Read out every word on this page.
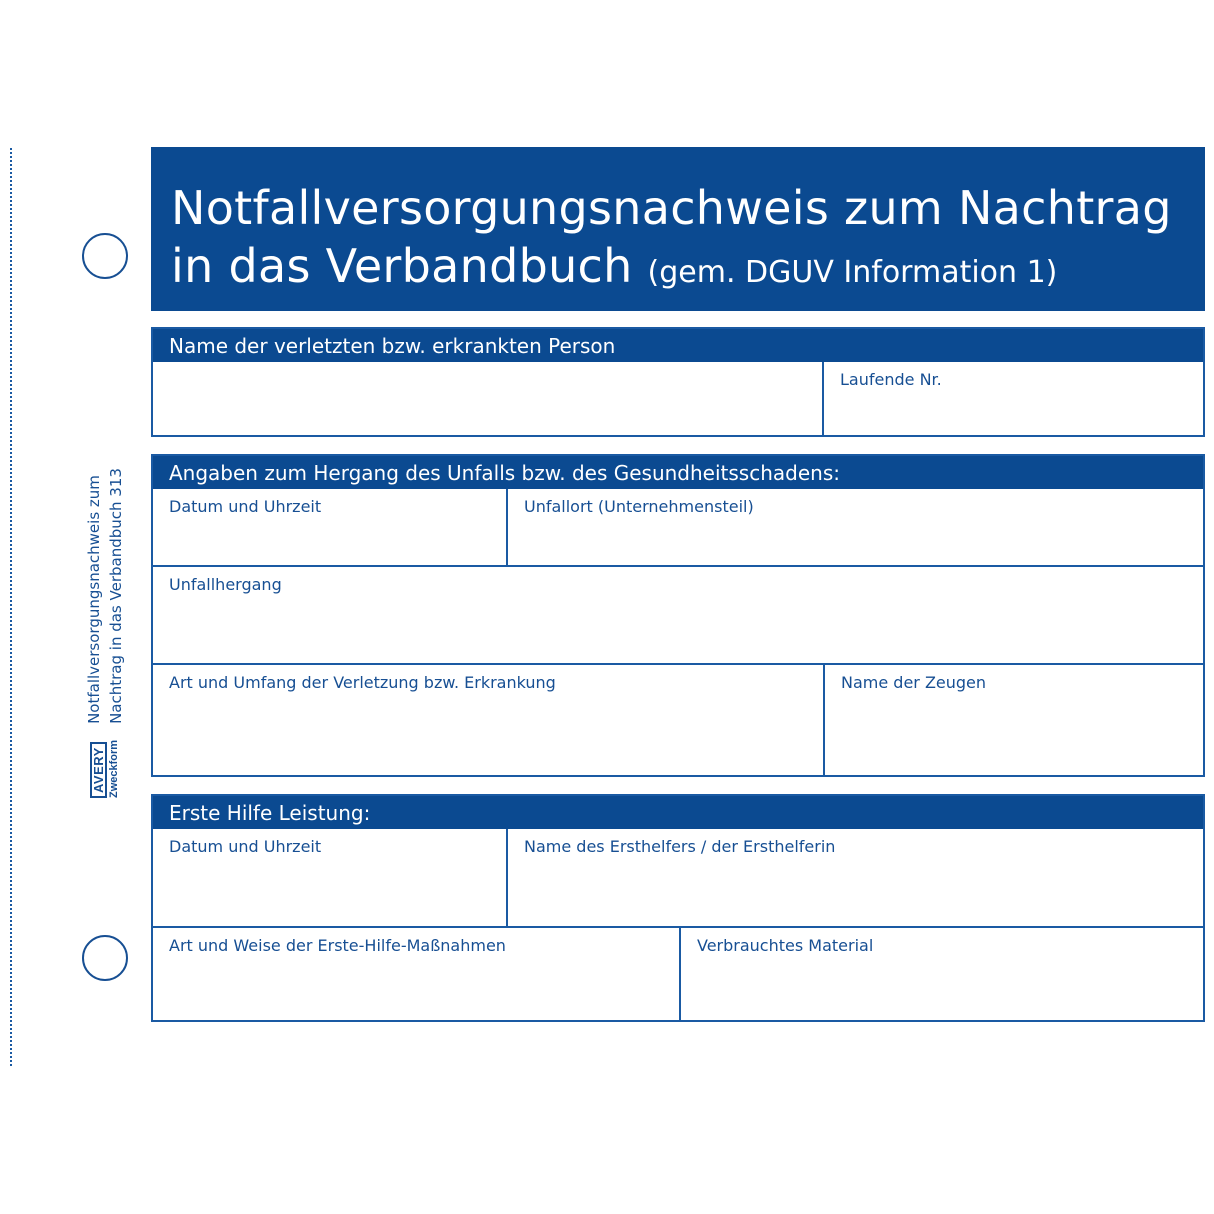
AVERY Zweckform
Notfallversorgungsnachweis zum Nachtrag in das Verbandbuch 313
Notfallversorgungsnachweis zum Nachtrag
in das Verbandbuch (gem. DGUV Information 1)
Name der verletzten bzw. erkrankten Person
Laufende Nr.
Angaben zum Hergang des Unfalls bzw. des Gesundheitsschadens:
Datum und Uhrzeit	Unfallort (Unternehmensteil)
Unfallhergang
Art und Umfang der Verletzung bzw. Erkrankung	Name der Zeugen
Erste Hilfe Leistung:
Datum und Uhrzeit	Name des Ersthelfers / der Ersthelferin
Art und Weise der Erste-Hilfe-Maßnahmen	Verbrauchtes Material
